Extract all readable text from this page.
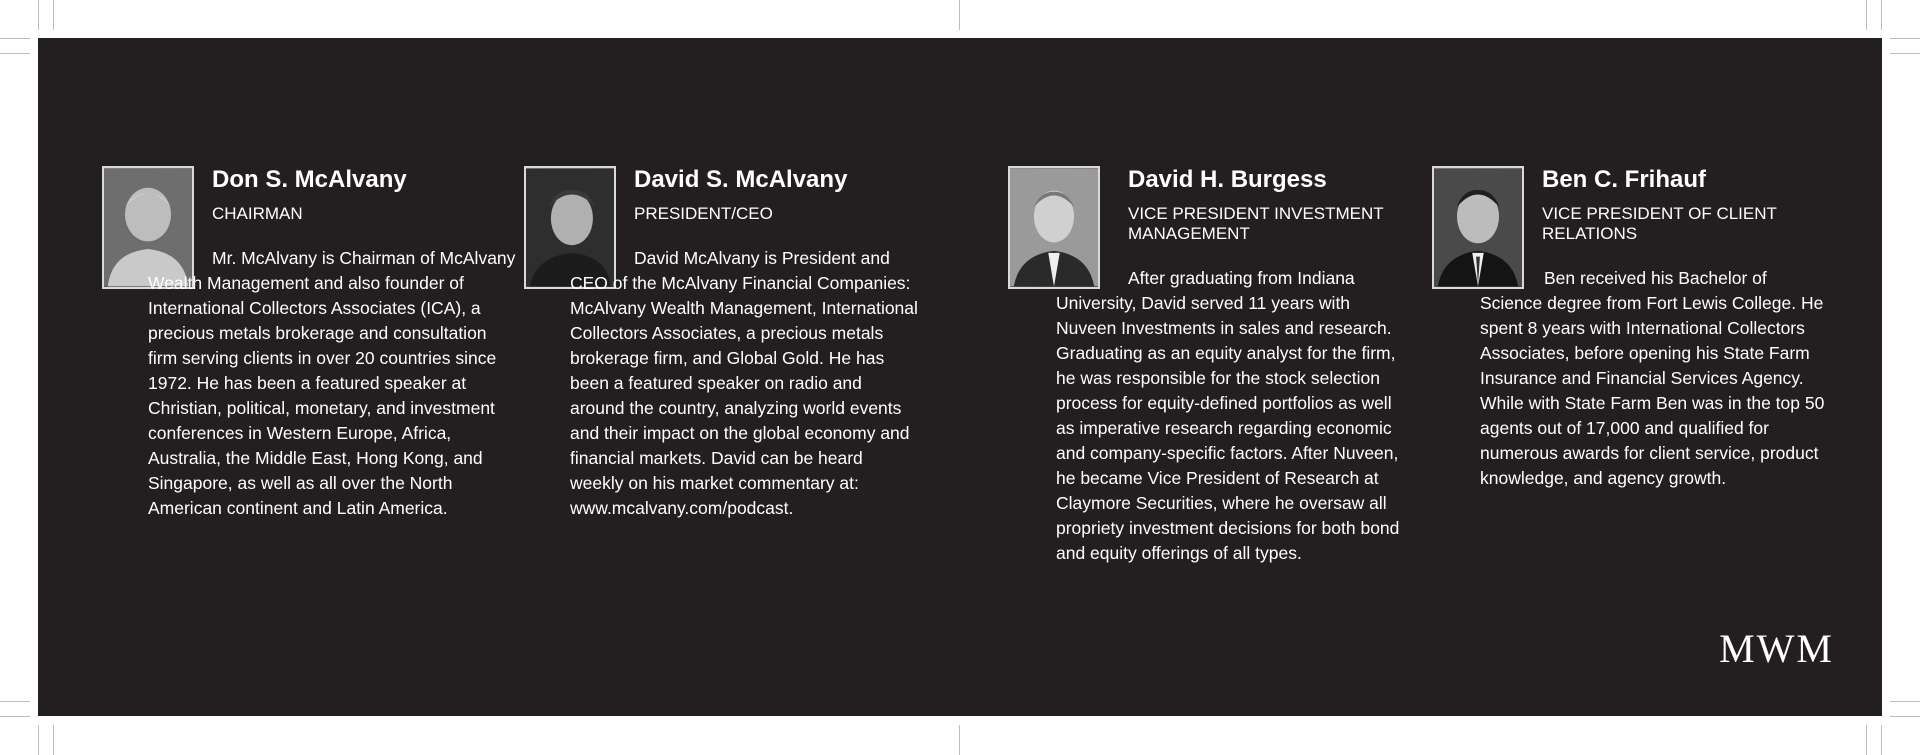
Don S. McAlvany
CHAIRMAN
Mr. McAlvany is Chairman of McAlvany Wealth Management and also founder of International Collectors Associates (ICA), a precious metals brokerage and consultation firm serving clients in over 20 countries since 1972. He has been a featured speaker at Christian, political, monetary, and investment conferences in Western Europe, Africa, Australia, the Middle East, Hong Kong, and Singapore, as well as all over the North American continent and Latin America.
David S. McAlvany
PRESIDENT/CEO
David McAlvany is President and CEO of the McAlvany Financial Companies: McAlvany Wealth Management, International Collectors Associates, a precious metals brokerage firm, and Global Gold. He has been a featured speaker on radio and around the country, analyzing world events and their impact on the global economy and financial markets. David can be heard weekly on his market commentary at: www.mcalvany.com/podcast.
David H. Burgess
VICE PRESIDENT INVESTMENT MANAGEMENT
After graduating from Indiana University, David served 11 years with Nuveen Investments in sales and research. Graduating as an equity analyst for the firm, he was responsible for the stock selection process for equity-defined portfolios as well as imperative research regarding economic and company-specific factors. After Nuveen, he became Vice President of Research at Claymore Securities, where he oversaw all propriety investment decisions for both bond and equity offerings of all types.
Ben C. Frihauf
VICE PRESIDENT OF CLIENT RELATIONS
Ben received his Bachelor of Science degree from Fort Lewis College. He spent 8 years with International Collectors Associates, before opening his State Farm Insurance and Financial Services Agency. While with State Farm Ben was in the top 50 agents out of 17,000 and qualified for numerous awards for client service, product knowledge, and agency growth.
MWM
